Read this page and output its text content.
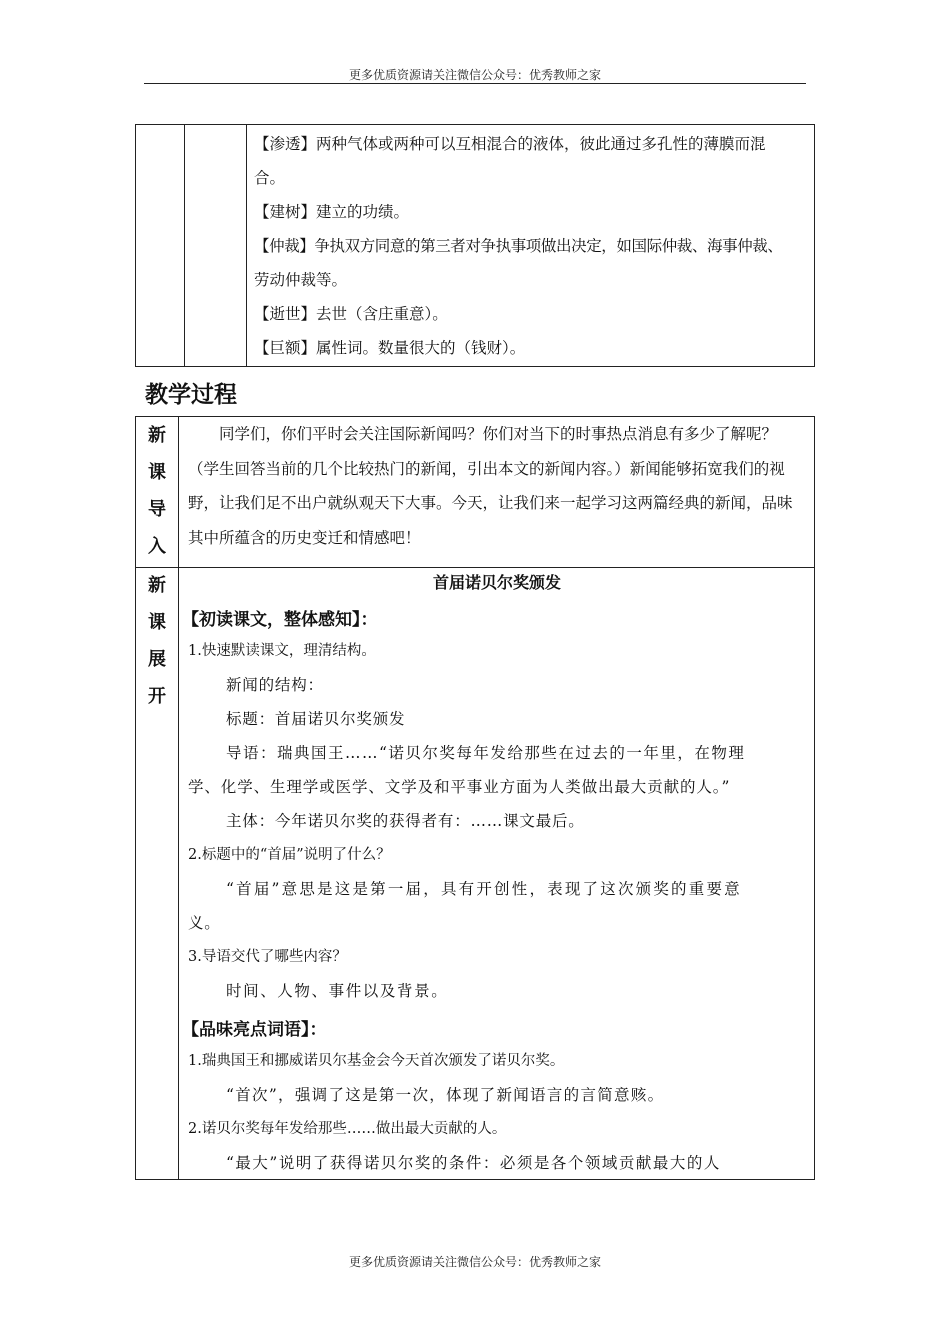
更多优质资源请关注微信公众号：优秀教师之家

【渗透】两种气体或两种可以互相混合的液体，彼此通过多孔性的薄膜而混

合。

【建树】建立的功绩。

【仲裁】争执双方同意的第三者对争执事项做出决定，如国际仲裁、海事仲裁、

劳动仲裁等。

【逝世】去世（含庄重意）。

【巨额】属性词。数量很大的（钱财）。

教学过程
新
课
导
入

同学们，你们平时会关注国际新闻吗？你们对当下的时事热点消息有多少了解呢？（学生回答当前的几个比较热门的新闻，引出本文的新闻内容。）新闻能够拓宽我们的视野，让我们足不出户就纵观天下大事。今天，让我们来一起学习这两篇经典的新闻，品味其中所蕴含的历史变迁和情感吧！

新
课
展
开
首届诺贝尔奖颁发
【初读课文，整体感知】：
1.快速默读课文，理清结构。
新闻的结构：
标题：首届诺贝尔奖颁发
导语：瑞典国王……“诺贝尔奖每年发给那些在过去的一年里，在物理
学、化学、生理学或医学、文学及和平事业方面为人类做出最大贡献的人。”
主体：今年诺贝尔奖的获得者有：……课文最后。
2.标题中的“首届”说明了什么？
“首届”意思是这是第一届，具有开创性，表现了这次颁奖的重要意
义。
3.导语交代了哪些内容？
时间、人物、事件以及背景。
【品味亮点词语】：
1.瑞典国王和挪威诺贝尔基金会今天首次颁发了诺贝尔奖。
“首次”，强调了这是第一次，体现了新闻语言的言简意赅。
2.诺贝尔奖每年发给那些……做出最大贡献的人。
“最大”说明了获得诺贝尔奖的条件：必须是各个领域贡献最大的人
更多优质资源请关注微信公众号：优秀教师之家
